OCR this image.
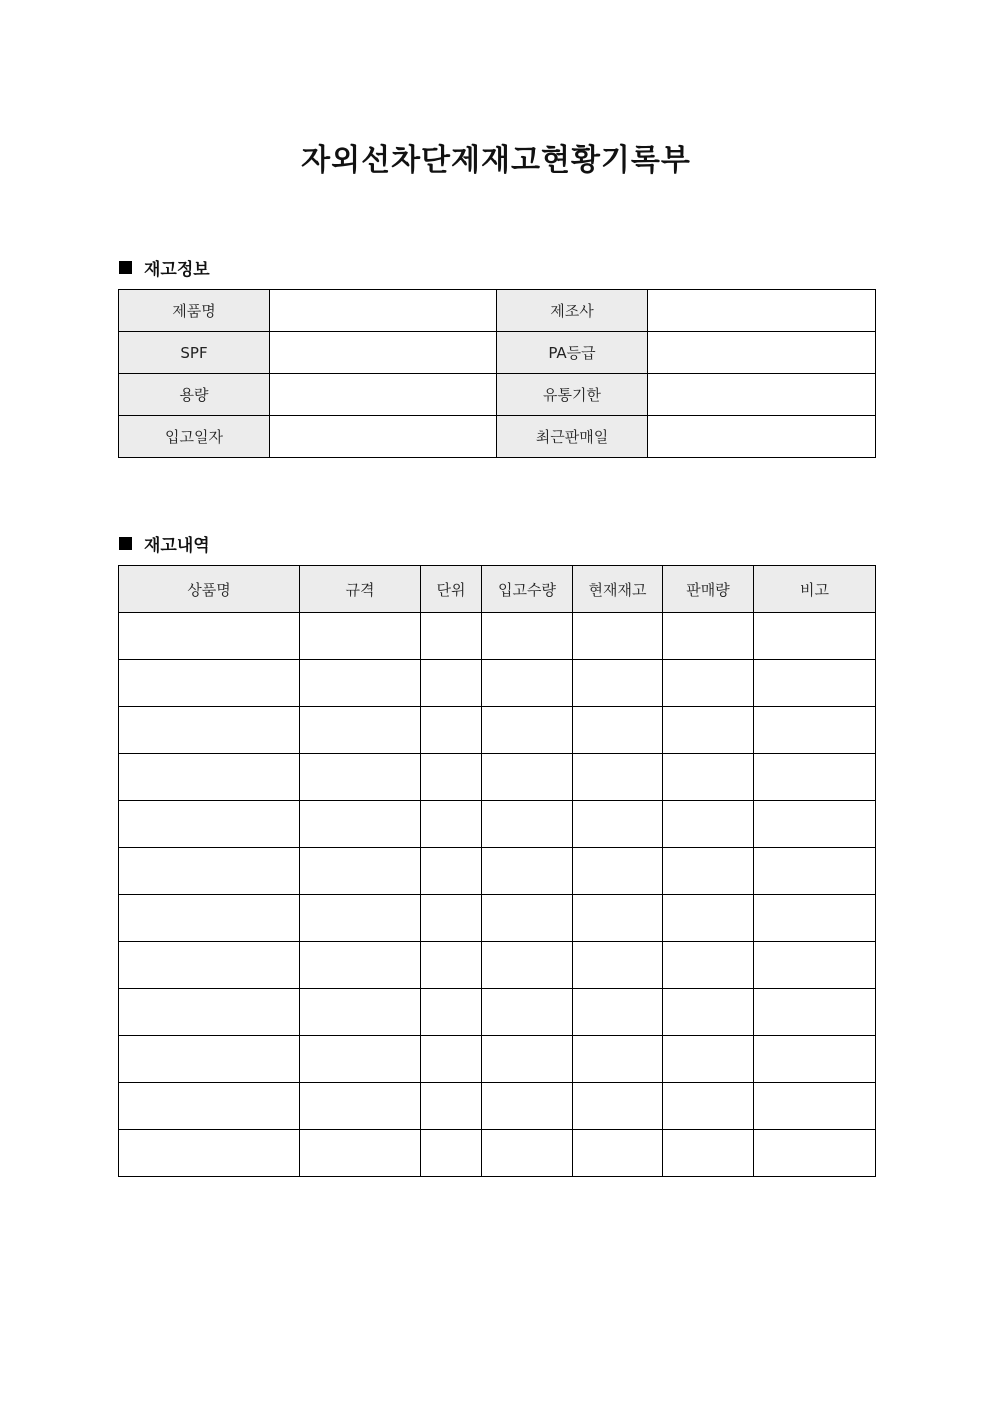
자외선차단제재고현황기록부
재고정보
제품명		제조사	
SPF		PA등급	
용량		유통기한	
입고일자		최근판매일	
재고내역
상품명	규격	단위	입고수량	현재재고	판매량	비고
